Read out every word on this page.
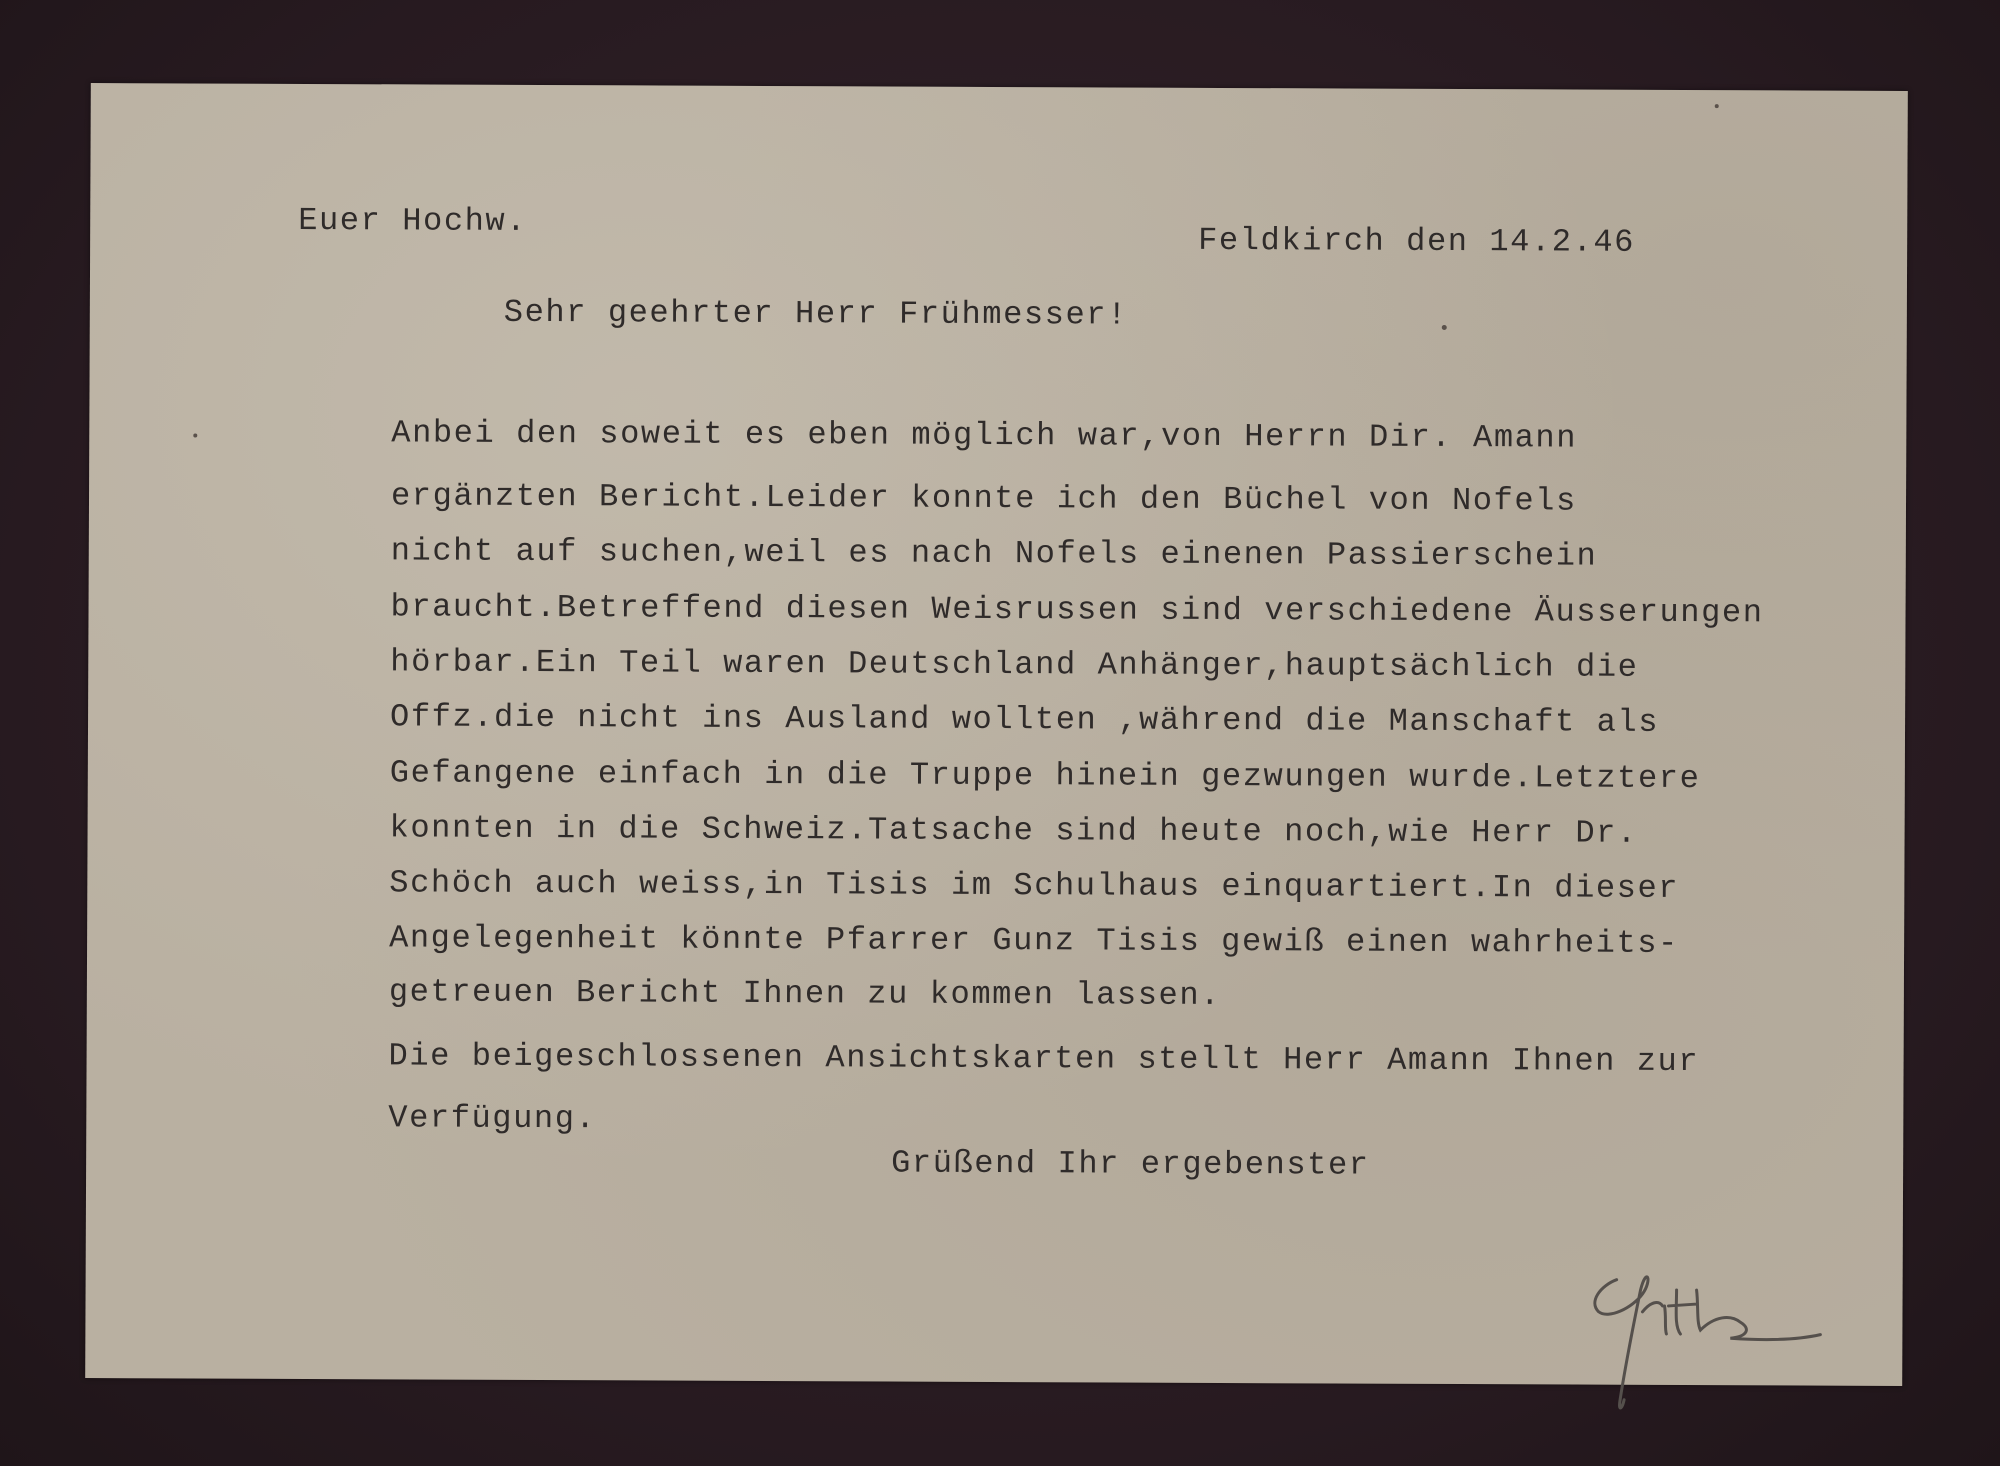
Euer Hochw.
Feldkirch den 14.2.46
Sehr geehrter Herr Frühmesser!
Anbei den soweit es eben möglich war,von Herrn Dir. Amann
ergänzten Bericht.Leider konnte ich den Büchel von Nofels
nicht auf suchen,weil es nach Nofels einenen Passierschein
braucht.Betreffend diesen Weisrussen sind verschiedene Äusserungen
hörbar.Ein Teil waren Deutschland Anhänger,hauptsächlich die
Offz.die nicht ins Ausland wollten ,während die Manschaft als
Gefangene einfach in die Truppe hinein gezwungen wurde.Letztere
konnten in die Schweiz.Tatsache sind heute noch,wie Herr Dr.
Schöch auch weiss,in Tisis im Schulhaus einquartiert.In dieser
Angelegenheit könnte Pfarrer Gunz Tisis gewiß einen wahrheits-
getreuen Bericht Ihnen zu kommen lassen.
Die beigeschlossenen Ansichtskarten stellt Herr Amann Ihnen zur
Verfügung.
Grüßend Ihr ergebenster
